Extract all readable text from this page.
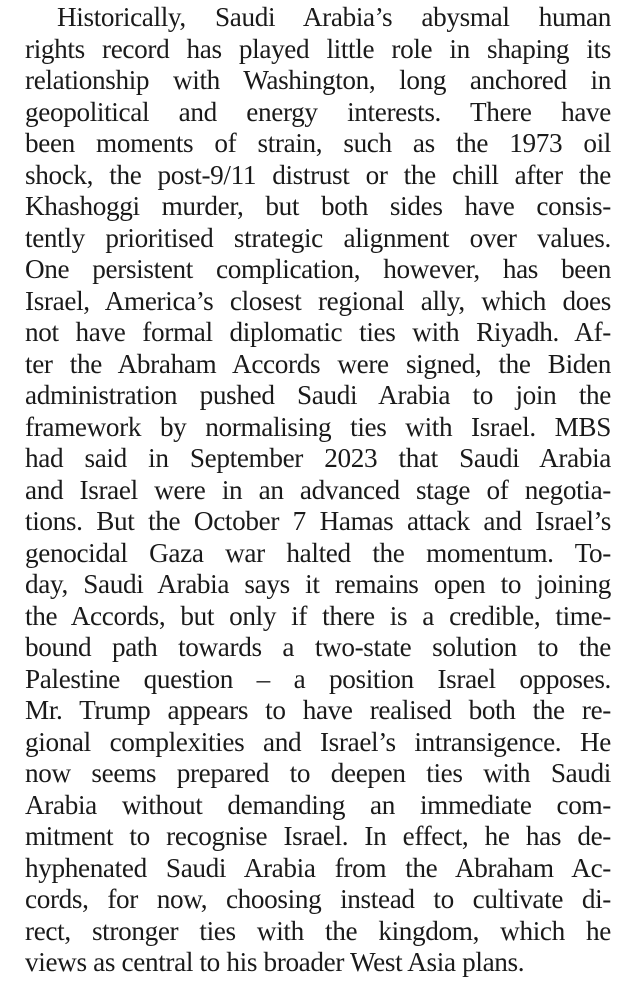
Historically, Saudi Arabia’s abysmal human
rights record has played little role in shaping its
relationship with Washington, long anchored in
geopolitical and energy interests. There have
been moments of strain, such as the 1973 oil
shock, the post-9/11 distrust or the chill after the
Khashoggi murder, but both sides have consis-
tently prioritised strategic alignment over values.
One persistent complication, however, has been
Israel, America’s closest regional ally, which does
not have formal diplomatic ties with Riyadh. Af-
ter the Abraham Accords were signed, the Biden
administration pushed Saudi Arabia to join the
framework by normalising ties with Israel. MBS
had said in September 2023 that Saudi Arabia
and Israel were in an advanced stage of negotia-
tions. But the October 7 Hamas attack and Israel’s
genocidal Gaza war halted the momentum. To-
day, Saudi Arabia says it remains open to joining
the Accords, but only if there is a credible, time-
bound path towards a two-state solution to the
Palestine question – a position Israel opposes.
Mr. Trump appears to have realised both the re-
gional complexities and Israel’s intransigence. He
now seems prepared to deepen ties with Saudi
Arabia without demanding an immediate com-
mitment to recognise Israel. In effect, he has de-
hyphenated Saudi Arabia from the Abraham Ac-
cords, for now, choosing instead to cultivate di-
rect, stronger ties with the kingdom, which he
views as central to his broader West Asia plans.
